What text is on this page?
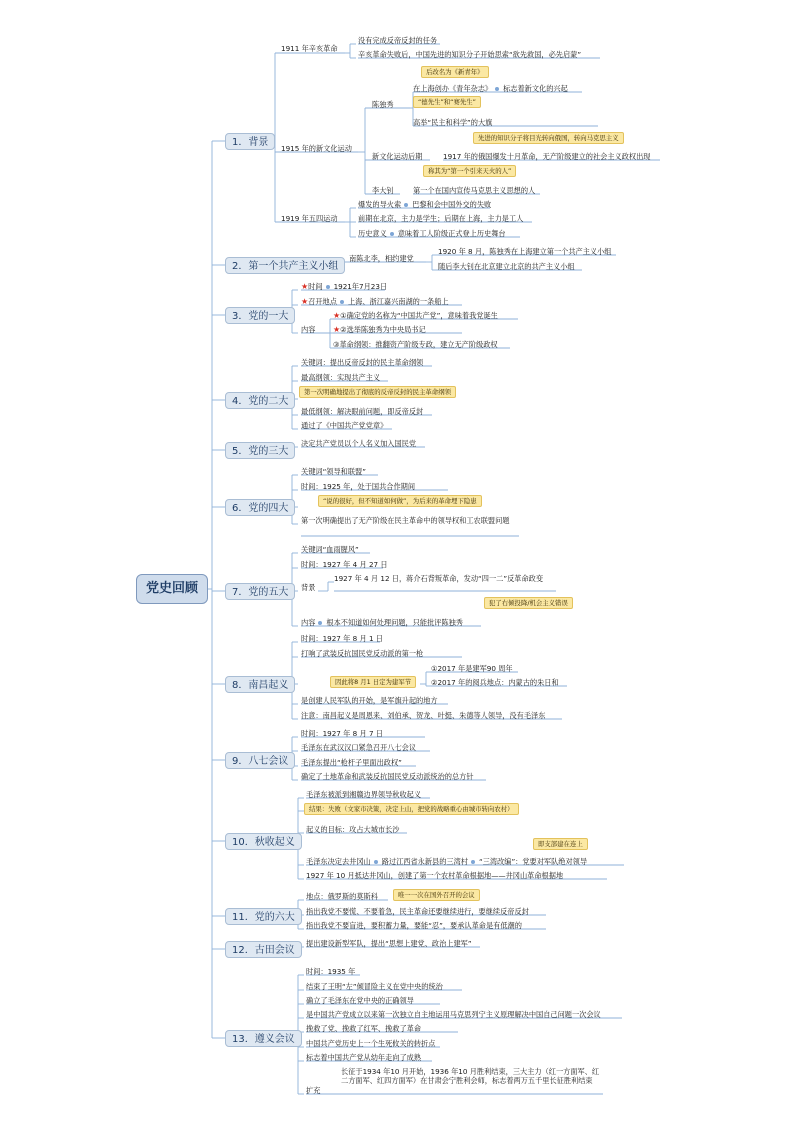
党史回顾
1．背景
2．第一个共产主义小组
3．党的一大
4．党的二大
5．党的三大
6．党的四大
7．党的五大
8．南昌起义
9．八七会议
10．秋收起义
11．党的六大
12．古田会议
13．遵义会议
1911 年辛亥革命
没有完成反帝反封的任务
辛亥革命失败后，中国先进的知识分子开始思索“欲先救国，必先启蒙”
后改名为《新青年》
陈独秀
在上海创办《青年杂志》 标志着新文化的兴起
“德先生”和“赛先生”
高举“民主和科学”的大旗
1915 年的新文化运动
先进的知识分子将目光转向俄国，转向马克思主义
新文化运动后期	1917 年的俄国爆发十月革命，无产阶级建立的社会主义政权出现
称其为“第一个引来天火的人”
李大钊	第一个在国内宣传马克思主义思想的人
1919 年五四运动
爆发的导火索 巴黎和会中国外交的失败
前期在北京，主力是学生；后期在上海，主力是工人
历史意义 意味着工人阶级正式登上历史舞台
南陈北李，相约建党
1920 年 8 月，陈独秀在上海建立第一个共产主义小组
随后李大钊在北京建立北京的共产主义小组
★时间 1921年7月23日
★召开地点 上海、浙江嘉兴南湖的一条船上
内容
★①确定党的名称为“中国共产党”，意味着我党诞生
★②选举陈独秀为中央局书记
③革命纲领：推翻资产阶级专政，建立无产阶级政权
关键词：提出反帝反封的民主革命纲领
最高纲领：实现共产主义
第一次明确地提出了彻底的反帝反封的民主革命纲领
最低纲领：解决眼前问题，即反帝反封
通过了《中国共产党党章》
决定共产党员以个人名义加入国民党
关键词“领导和联盟”
时间：1925 年，处于国共合作期间
“说的很好，但不知道如何做”，为后来的革命埋下隐患
第一次明确提出了无产阶级在民主革命中的领导权和工农联盟问题
关键词“血雨腥风”
时间：1927 年 4 月 27 日
背景
1927 年 4 月 12 日，蒋介石背叛革命，发动“四一二”反革命政变
犯了右倾投降/机会主义错误
内容 根本不知道如何处理问题，只能批评陈独秀
时间：1927 年 8 月 1 日
打响了武装反抗国民党反动派的第一枪
因此将8 月1 日定为建军节
①2017 年是建军90 周年
②2017 年的阅兵地点：内蒙古的朱日和
是创建人民军队的开始，是军旗升起的地方
注意：南昌起义是周恩来、刘伯承、贺龙、叶挺、朱德等人领导，没有毛泽东
时间：1927 年 8 月 7 日
毛泽东在武汉汉口紧急召开八七会议
毛泽东提出“枪杆子里面出政权”
确定了土地革命和武装反抗国民党反动派统治的总方针
毛泽东被派到湘赣边界领导秋收起义
结果：失败（文家市决策，决定上山，把党的战略重心由城市转向农村）
起义的目标：攻占大城市长沙
即支部建在连上
毛泽东决定去井冈山 路过江西省永新县的三湾村 “三湾改编”：党要对军队绝对领导
1927 年 10 月抵达井冈山，创建了第一个农村革命根据地——井冈山革命根据地
地点：俄罗斯的莫斯科	唯一一次在国外召开的会议
指出我党不要慌、不要着急，民主革命还要继续进行，要继续反帝反封
指出我党不要盲进，要积蓄力量，要能“忍”，要承认革命是有低潮的
提出建设新型军队，提出“思想上建党、政治上建军”
时间：1935 年
结束了王明“左”倾冒险主义在党中央的统治
确立了毛泽东在党中央的正确领导
是中国共产党成立以来第一次独立自主地运用马克思列宁主义原理解决中国自己问题一次会议
挽救了党、挽救了红军、挽救了革命
中国共产党历史上一个生死攸关的转折点
标志着中国共产党从幼年走向了成熟
扩充
长征于1934 年10 月开始，1936 年10 月胜利结束，三大主力（红一方面军、红二方面军、红四方面军）在甘肃会宁胜利会师，标志着两万五千里长征胜利结束
